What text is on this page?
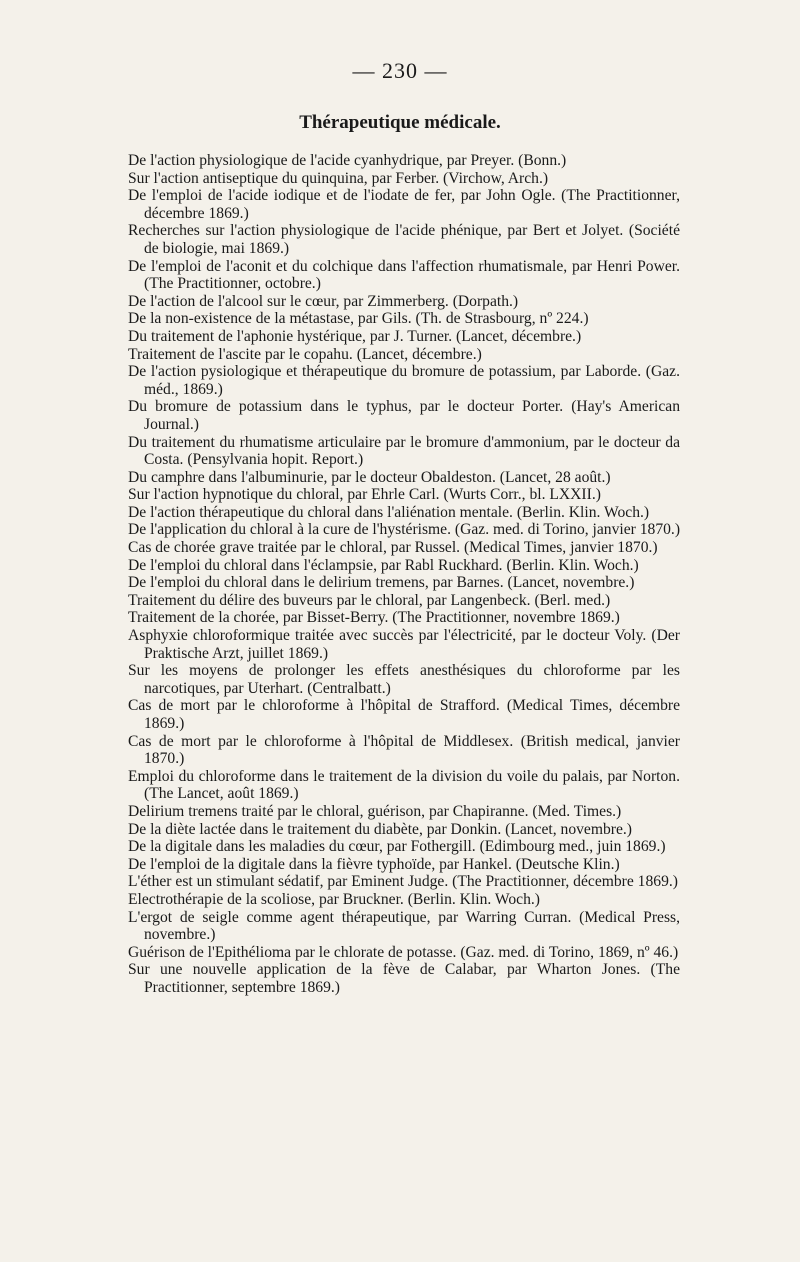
— 230 —
Thérapeutique médicale.
De l'action physiologique de l'acide cyanhydrique, par Preyer. (Bonn.)
Sur l'action antiseptique du quinquina, par Ferber. (Virchow, Arch.)
De l'emploi de l'acide iodique et de l'iodate de fer, par John Ogle. (The Practitionner, décembre 1869.)
Recherches sur l'action physiologique de l'acide phénique, par Bert et Jolyet. (Société de biologie, mai 1869.)
De l'emploi de l'aconit et du colchique dans l'affection rhumatismale, par Henri Power. (The Practitionner, octobre.)
De l'action de l'alcool sur le cœur, par Zimmerberg. (Dorpath.)
De la non-existence de la métastase, par Gils. (Th. de Strasbourg, nº 224.)
Du traitement de l'aphonie hystérique, par J. Turner. (Lancet, décembre.)
Traitement de l'ascite par le copahu. (Lancet, décembre.)
De l'action pysiologique et thérapeutique du bromure de potassium, par Laborde. (Gaz. méd., 1869.)
Du bromure de potassium dans le typhus, par le docteur Porter. (Hay's American Journal.)
Du traitement du rhumatisme articulaire par le bromure d'ammonium, par le docteur da Costa. (Pensylvania hopit. Report.)
Du camphre dans l'albuminurie, par le docteur Obaldeston. (Lancet, 28 août.)
Sur l'action hypnotique du chloral, par Ehrle Carl. (Wurts Corr., bl. LXXII.)
De l'action thérapeutique du chloral dans l'aliénation mentale. (Berlin. Klin. Woch.)
De l'application du chloral à la cure de l'hystérisme. (Gaz. med. di Torino, janvier 1870.)
Cas de chorée grave traitée par le chloral, par Russel. (Medical Times, janvier 1870.)
De l'emploi du chloral dans l'éclampsie, par Rabl Ruckhard. (Berlin. Klin. Woch.)
De l'emploi du chloral dans le delirium tremens, par Barnes. (Lancet, novembre.)
Traitement du délire des buveurs par le chloral, par Langenbeck. (Berl. med.)
Traitement de la chorée, par Bisset-Berry. (The Practitionner, novembre 1869.)
Asphyxie chloroformique traitée avec succès par l'électricité, par le docteur Voly. (Der Praktische Arzt, juillet 1869.)
Sur les moyens de prolonger les effets anesthésiques du chloroforme par les narcotiques, par Uterhart. (Centralbatt.)
Cas de mort par le chloroforme à l'hôpital de Strafford. (Medical Times, décembre 1869.)
Cas de mort par le chloroforme à l'hôpital de Middlesex. (British medical, janvier 1870.)
Emploi du chloroforme dans le traitement de la division du voile du palais, par Norton. (The Lancet, août 1869.)
Delirium tremens traité par le chloral, guérison, par Chapiranne. (Med. Times.)
De la diète lactée dans le traitement du diabète, par Donkin. (Lancet, novembre.)
De la digitale dans les maladies du cœur, par Fothergill. (Edimbourg med., juin 1869.)
De l'emploi de la digitale dans la fièvre typhoïde, par Hankel. (Deutsche Klin.)
L'éther est un stimulant sédatif, par Eminent Judge. (The Practitionner, décembre 1869.)
Electrothérapie de la scoliose, par Bruckner. (Berlin. Klin. Woch.)
L'ergot de seigle comme agent thérapeutique, par Warring Curran. (Medical Press, novembre.)
Guérison de l'Epithélioma par le chlorate de potasse. (Gaz. med. di Torino, 1869, nº 46.)
Sur une nouvelle application de la fève de Calabar, par Wharton Jones. (The Practitionner, septembre 1869.)
